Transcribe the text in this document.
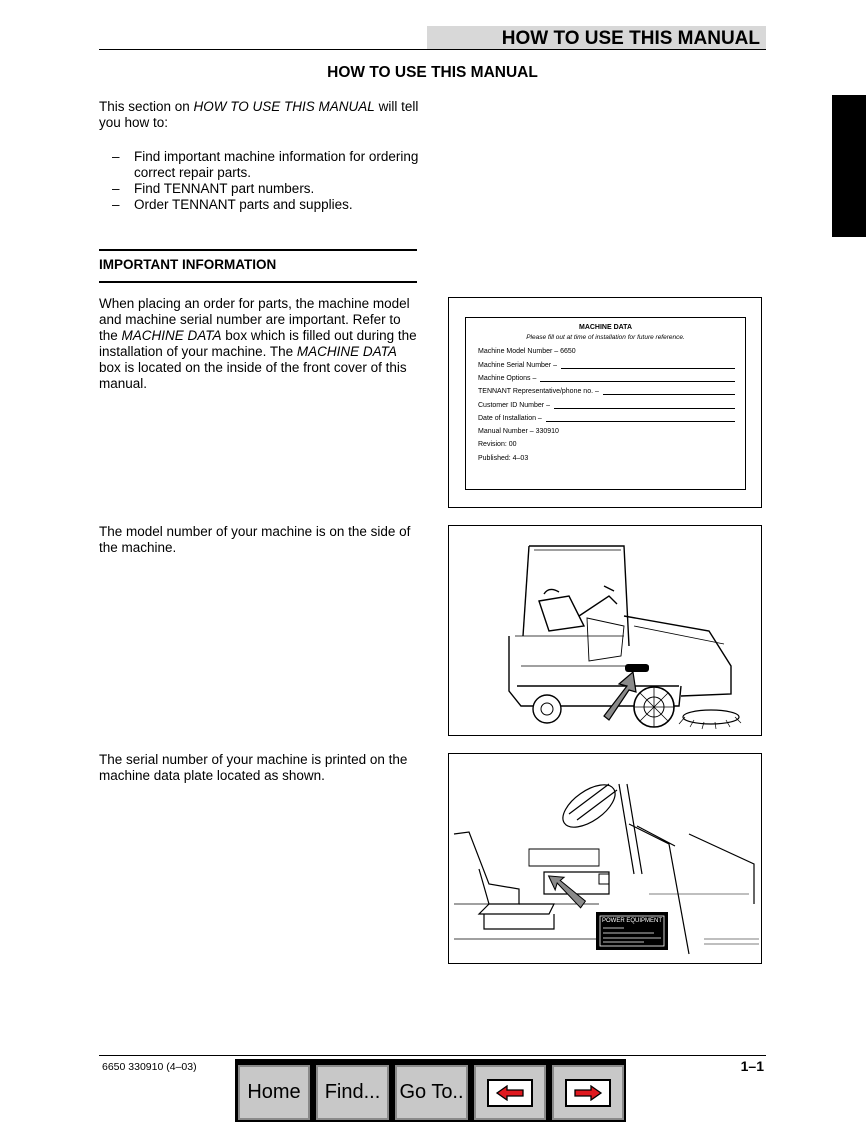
HOW TO USE THIS MANUAL
HOW TO USE THIS MANUAL
This section on HOW TO USE THIS MANUAL will tell you how to:
– Find important machine information for ordering correct repair parts.
– Find TENNANT part numbers.
– Order TENNANT parts and supplies.
IMPORTANT INFORMATION
When placing an order for parts, the machine model and machine serial number are important. Refer to the MACHINE DATA box which is filled out during the installation of your machine. The MACHINE DATA box is located on the inside of the front cover of this manual.
The model number of your machine is on the side of the machine.
The serial number of your machine is printed on the machine data plate located as shown.
MACHINE DATA
Please fill out at time of installation for future reference.
Machine Model Number – 6650
Machine Serial Number –
Machine Options –
TENNANT Representative/phone no. –
Customer ID Number –
Date of Installation –
Manual Number – 330910
Revision: 00
Published: 4–03
POWER EQUIPMENT
6650 330910 (4–03)	1–1
Home	Find... Go To..
